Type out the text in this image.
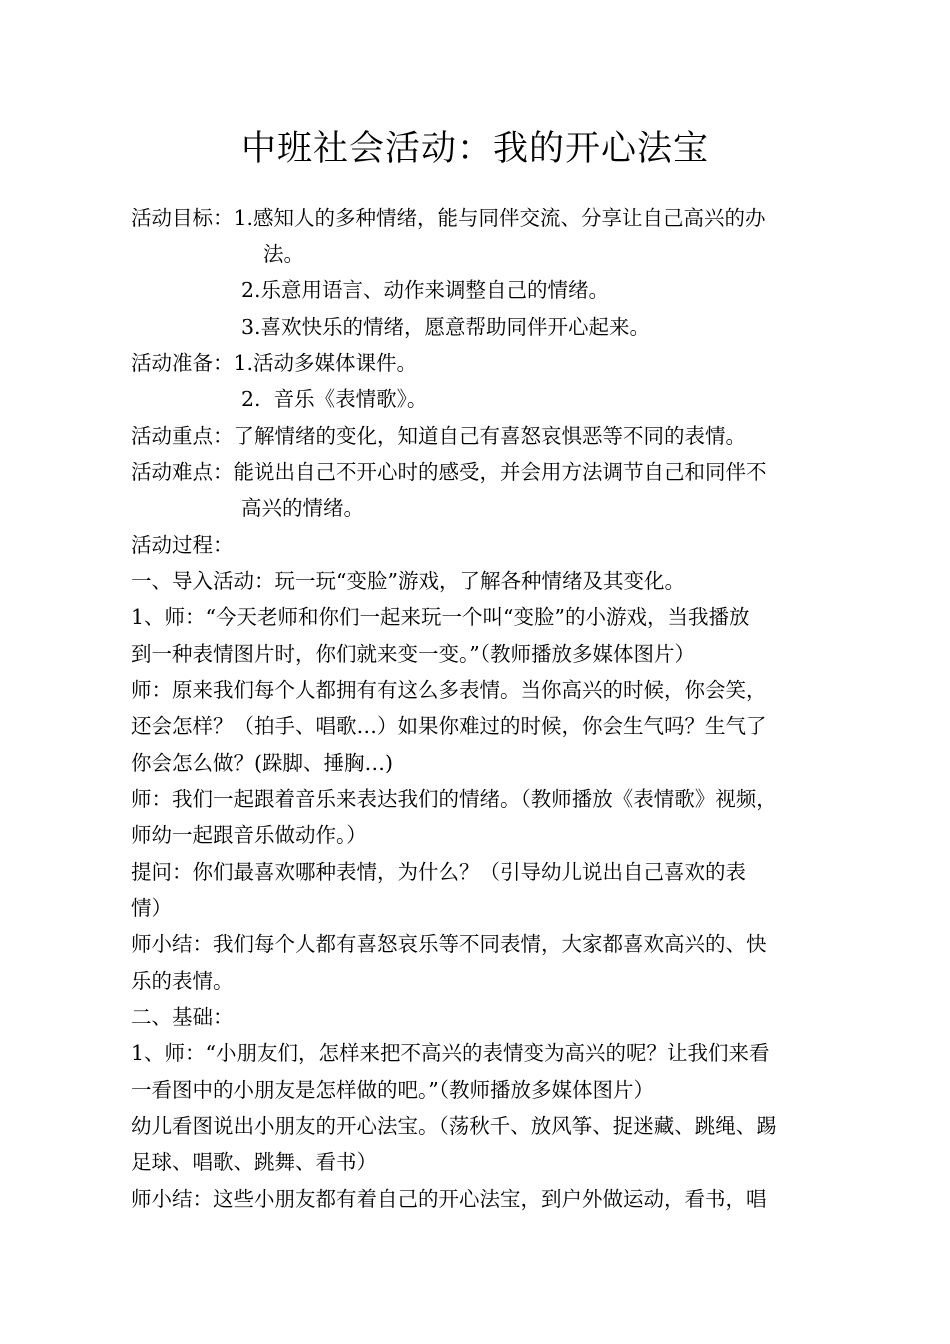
中班社会活动：我的开心法宝
活动目标：1.感知人的多种情绪，能与同伴交流、分享让自己高兴的办
法。
2.乐意用语言、动作来调整自己的情绪。
3.喜欢快乐的情绪，愿意帮助同伴开心起来。
活动准备：1.活动多媒体课件。
2.  音乐《表情歌》。
活动重点：了解情绪的变化，知道自己有喜怒哀惧恶等不同的表情。
活动难点：能说出自己不开心时的感受，并会用方法调节自己和同伴不
高兴的情绪。
活动过程：
一、导入活动：玩一玩“变脸”游戏，了解各种情绪及其变化。
1、师：“今天老师和你们一起来玩一个叫“变脸”的小游戏，当我播放
到一种表情图片时，你们就来变一变。”（教师播放多媒体图片）
师：原来我们每个人都拥有有这么多表情。当你高兴的时候，你会笑，
还会怎样？（拍手、唱歌…）如果你难过的时候，你会生气吗？生气了
你会怎么做？(跺脚、捶胸…)
师：我们一起跟着音乐来表达我们的情绪。（教师播放《表情歌》视频，
师幼一起跟音乐做动作。）
提问：你们最喜欢哪种表情，为什么？（引导幼儿说出自己喜欢的表
情）
师小结：我们每个人都有喜怒哀乐等不同表情，大家都喜欢高兴的、快
乐的表情。
二、基础：
1、师：“小朋友们，怎样来把不高兴的表情变为高兴的呢？让我们来看
一看图中的小朋友是怎样做的吧。”（教师播放多媒体图片）
幼儿看图说出小朋友的开心法宝。（荡秋千、放风筝、捉迷藏、跳绳、踢
足球、唱歌、跳舞、看书）
师小结：这些小朋友都有着自己的开心法宝，到户外做运动，看书，唱
